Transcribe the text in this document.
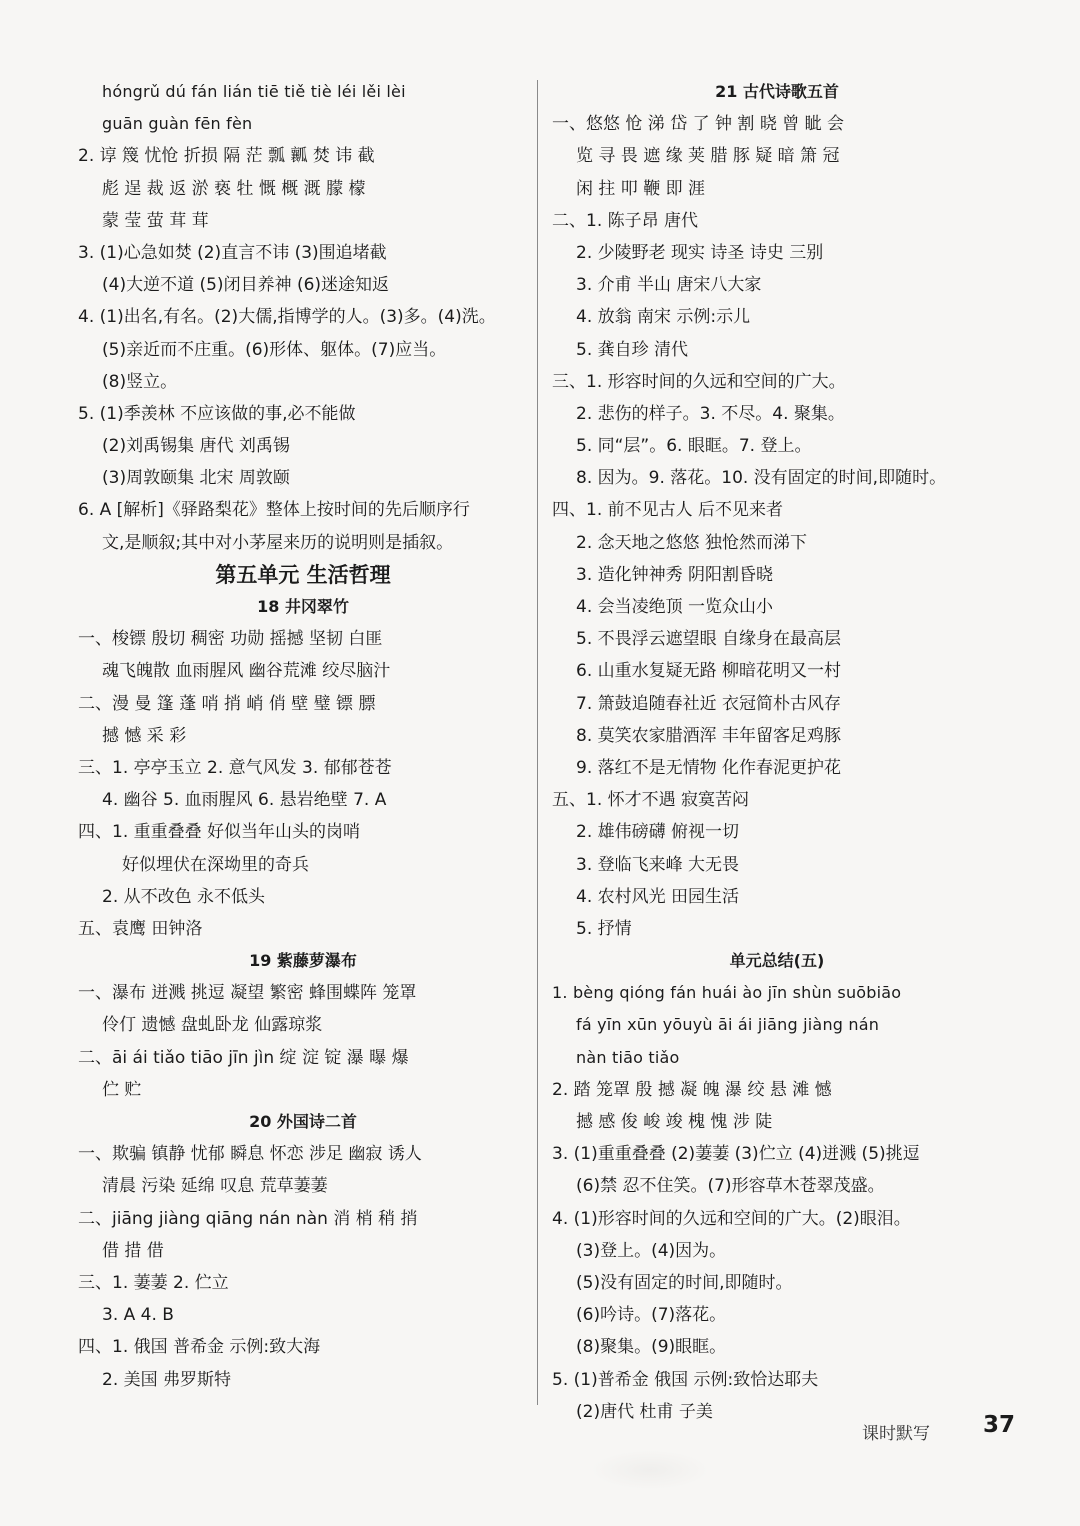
hóngrǔ dú fán lián tiē tiě tiè léi lěi lèi
guān guàn fēn fèn
2. 谆 篾 忧怆 折损 隔 茫 瓢 瓤 焚 讳 截
彪 逞 裁 返 淤 亵 牡 慨 概 溉 朦 檬
蒙 莹 萤 茸 茸
3. (1)心急如焚 (2)直言不讳 (3)围追堵截
(4)大逆不道 (5)闭目养神 (6)迷途知返
4. (1)出名,有名。(2)大儒,指博学的人。(3)多。(4)洗。
(5)亲近而不庄重。(6)形体、躯体。(7)应当。
(8)竖立。
5. (1)季羡林 不应该做的事,必不能做
(2)刘禹锡集 唐代 刘禹锡
(3)周敦颐集 北宋 周敦颐
6. A [解析]《驿路梨花》整体上按时间的先后顺序行
文,是顺叙;其中对小茅屋来历的说明则是插叙。
第五单元 生活哲理
18 井冈翠竹
一、梭镖 殷切 稠密 功勋 摇撼 坚韧 白匪
魂飞魄散 血雨腥风 幽谷荒滩 绞尽脑汁
二、漫 曼 篷 蓬 哨 捎 峭 俏 壁 璧 镖 膘
撼 憾 采 彩
三、1. 亭亭玉立 2. 意气风发 3. 郁郁苍苍
4. 幽谷 5. 血雨腥风 6. 悬岩绝壁 7. A
四、1. 重重叠叠 好似当年山头的岗哨
好似埋伏在深坳里的奇兵
2. 从不改色 永不低头
五、袁鹰 田钟洛
19 紫藤萝瀑布
一、瀑布 迸溅 挑逗 凝望 繁密 蜂围蝶阵 笼罩
伶仃 遗憾 盘虬卧龙 仙露琼浆
二、āi ái tiǎo tiāo jīn jìn 绽 淀 锭 瀑 曝 爆
伫 贮
20 外国诗二首
一、欺骗 镇静 忧郁 瞬息 怀恋 涉足 幽寂 诱人
清晨 污染 延绵 叹息 荒草萋萋
二、jiāng jiàng qiāng nán nàn 消 梢 稍 捎
借 措 借
三、1. 萋萋 2. 伫立
3. A 4. B
四、1. 俄国 普希金 示例:致大海
2. 美国 弗罗斯特
21 古代诗歌五首
一、悠悠 怆 涕 岱 了 钟 割 晓 曾 眦 会
览 寻 畏 遮 缘 荚 腊 豚 疑 暗 箫 冠
闲 拄 叩 鞭 即 涯
二、1. 陈子昂 唐代
2. 少陵野老 现实 诗圣 诗史 三别
3. 介甫 半山 唐宋八大家
4. 放翁 南宋 示例:示儿
5. 龚自珍 清代
三、1. 形容时间的久远和空间的广大。
2. 悲伤的样子。3. 不尽。4. 聚集。
5. 同“层”。6. 眼眶。7. 登上。
8. 因为。9. 落花。10. 没有固定的时间,即随时。
四、1. 前不见古人 后不见来者
2. 念天地之悠悠 独怆然而涕下
3. 造化钟神秀 阴阳割昏晓
4. 会当凌绝顶 一览众山小
5. 不畏浮云遮望眼 自缘身在最高层
6. 山重水复疑无路 柳暗花明又一村
7. 箫鼓追随春社近 衣冠简朴古风存
8. 莫笑农家腊酒浑 丰年留客足鸡豚
9. 落红不是无情物 化作春泥更护花
五、1. 怀才不遇 寂寞苦闷
2. 雄伟磅礴 俯视一切
3. 登临飞来峰 大无畏
4. 农村风光 田园生活
5. 抒情
单元总结(五)
1. bèng qióng fán huái ào jīn shùn suōbiāo
fá yīn xūn yōuyù āi ái jiāng jiàng nán
nàn tiāo tiǎo
2. 踏 笼罩 殷 撼 凝 魄 瀑 绞 悬 滩 憾
撼 感 俊 峻 竣 槐 愧 涉 陡
3. (1)重重叠叠 (2)萋萋 (3)伫立 (4)迸溅 (5)挑逗
(6)禁 忍不住笑。(7)形容草木苍翠茂盛。
4. (1)形容时间的久远和空间的广大。(2)眼泪。
(3)登上。(4)因为。
(5)没有固定的时间,即随时。
(6)吟诗。(7)落花。
(8)聚集。(9)眼眶。
5. (1)普希金 俄国 示例:致恰达耶夫
(2)唐代 杜甫 子美
课时默写 37
